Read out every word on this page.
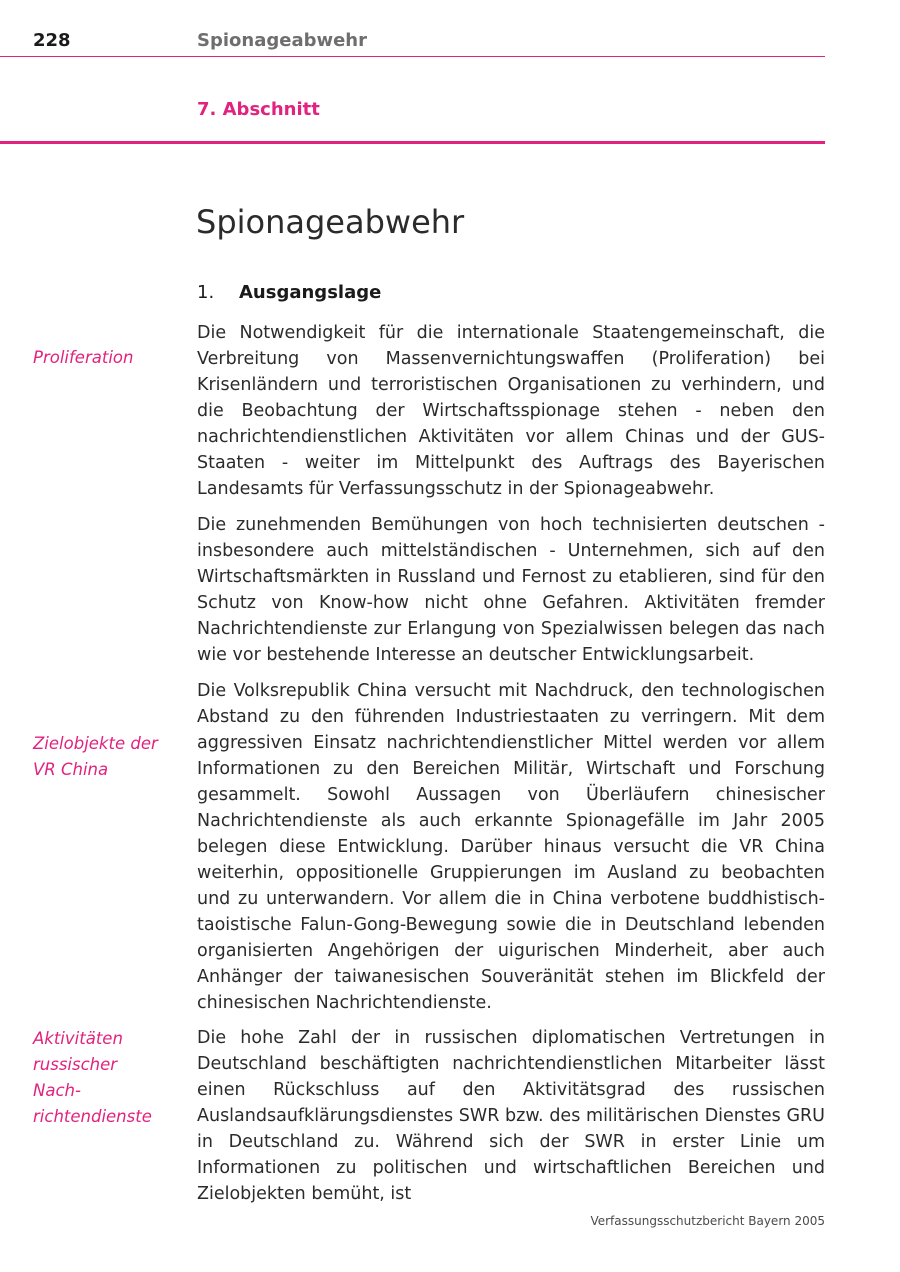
228	Spionageabwehr
7. Abschnitt
Spionageabwehr
1. Ausgangslage
Proliferation
Zielobjekte der VR China
Aktivitäten russischer Nach-richtendienste

Die Notwendigkeit für die internationale Staatengemeinschaft, die Verbreitung von Massenvernichtungswaffen (Proliferation) bei Krisenländern und terroristischen Organisationen zu verhindern, und die Beobachtung der Wirtschaftsspionage stehen - neben den nachrichtendienstlichen Aktivitäten vor allem Chinas und der GUS-Staaten - weiter im Mittelpunkt des Auftrags des Bayerischen Landesamts für Verfassungsschutz in der Spionageabwehr.

Die zunehmenden Bemühungen von hoch technisierten deutschen - insbesondere auch mittelständischen - Unternehmen, sich auf den Wirtschaftsmärkten in Russland und Fernost zu etablieren, sind für den Schutz von Know-how nicht ohne Gefahren. Aktivitäten fremder Nachrichtendienste zur Erlangung von Spezialwissen belegen das nach wie vor bestehende Interesse an deutscher Entwicklungsarbeit.

Die Volksrepublik China versucht mit Nachdruck, den technologischen Abstand zu den führenden Industriestaaten zu verringern. Mit dem aggressiven Einsatz nachrichtendienstlicher Mittel werden vor allem Informationen zu den Bereichen Militär, Wirtschaft und Forschung gesammelt. Sowohl Aussagen von Überläufern chinesischer Nachrichtendienste als auch erkannte Spionagefälle im Jahr 2005 belegen diese Entwicklung. Darüber hinaus versucht die VR China weiterhin, oppositionelle Gruppierungen im Ausland zu beobachten und zu unterwandern. Vor allem die in China verbotene buddhistisch-taoistische Falun-Gong-Bewegung sowie die in Deutschland lebenden organisierten Angehörigen der uigurischen Minderheit, aber auch Anhänger der taiwanesischen Souveränität stehen im Blickfeld der chinesischen Nachrichtendienste.

Die hohe Zahl der in russischen diplomatischen Vertretungen in Deutschland beschäftigten nachrichtendienstlichen Mitarbeiter lässt einen Rückschluss auf den Aktivitätsgrad des russischen Auslandsaufklärungsdienstes SWR bzw. des militärischen Dienstes GRU in Deutschland zu. Während sich der SWR in erster Linie um Informationen zu politischen und wirtschaftlichen Bereichen und Zielobjekten bemüht, ist

Verfassungsschutzbericht Bayern 2005
